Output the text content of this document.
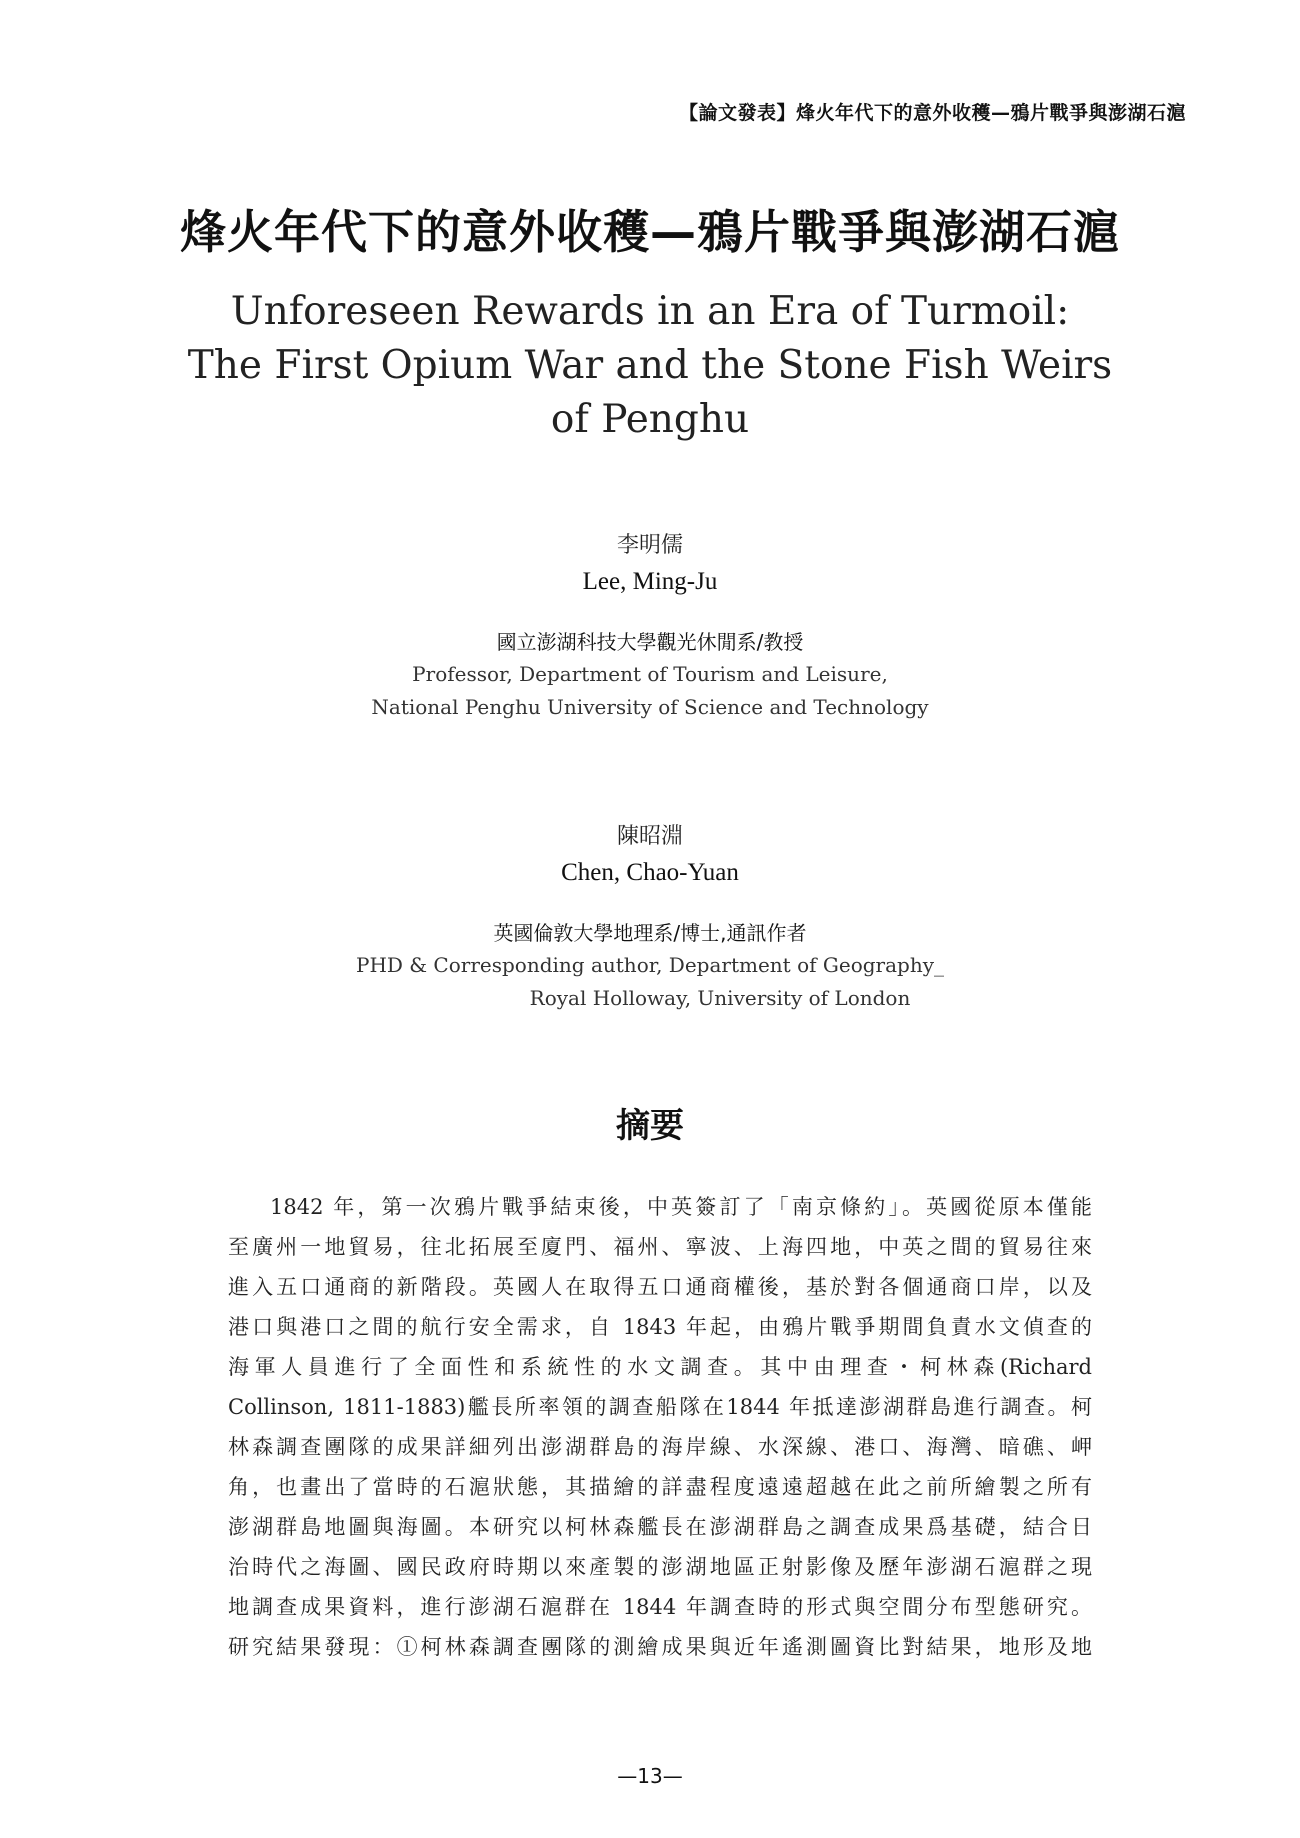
【論文發表】烽火年代下的意外收穫—鴉片戰爭與澎湖石滬
烽火年代下的意外收穫—鴉片戰爭與澎湖石滬
Unforeseen Rewards in an Era of Turmoil:
The First Opium War and the Stone Fish Weirs
of Penghu
李明儒
Lee, Ming-Ju
國立澎湖科技大學觀光休閒系/教授
Professor, Department of Tourism and Leisure,
National Penghu University of Science and Technology
陳昭淵
Chen, Chao-Yuan
英國倫敦大學地理系/博士,通訊作者
PHD & Corresponding author, Department of Geography_
Royal Holloway, University of London
摘要
1842 年，第一次鴉片戰爭結束後，中英簽訂了「南京條約」。英國從原本僅能
至廣州一地貿易，往北拓展至廈門、福州、寧波、上海四地，中英之間的貿易往來
進入五口通商的新階段。英國人在取得五口通商權後，基於對各個通商口岸，以及
港口與港口之間的航行安全需求，自 1843 年起，由鴉片戰爭期間負責水文偵查的
海軍人員進行了全面性和系統性的水文調查。其中由理查・柯林森(Richard
Collinson, 1811-1883)艦長所率領的調查船隊在1844 年抵達澎湖群島進行調查。柯
林森調查團隊的成果詳細列出澎湖群島的海岸線、水深線、港口、海灣、暗礁、岬
角，也畫出了當時的石滬狀態，其描繪的詳盡程度遠遠超越在此之前所繪製之所有
澎湖群島地圖與海圖。本研究以柯林森艦長在澎湖群島之調查成果爲基礎，結合日
治時代之海圖、國民政府時期以來產製的澎湖地區正射影像及歷年澎湖石滬群之現
地調查成果資料，進行澎湖石滬群在 1844 年調查時的形式與空間分布型態研究。
研究結果發現：①柯林森調查團隊的測繪成果與近年遙測圖資比對結果，地形及地
—13—
